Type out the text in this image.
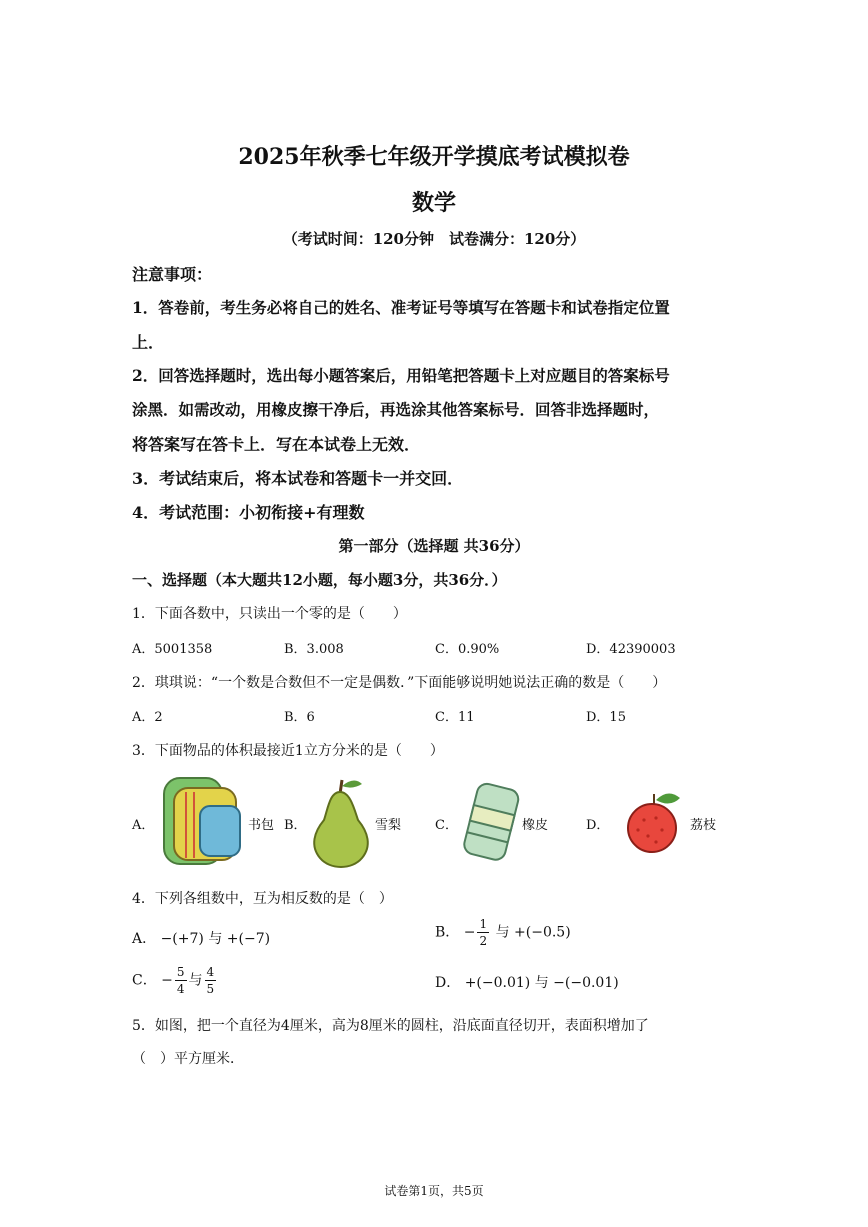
2025年秋季七年级开学摸底考试模拟卷
数学
（考试时间：120分钟　试卷满分：120分）
注意事项：
1．答卷前，考生务必将自己的姓名、准考证号等填写在答题卡和试卷指定位置
上．
2．回答选择题时，选出每小题答案后，用铅笔把答题卡上对应题目的答案标号
涂黑．如需改动，用橡皮擦干净后，再选涂其他答案标号．回答非选择题时，
将答案写在答卡上．写在本试卷上无效．
3．考试结束后，将本试卷和答题卡一并交回．
4．考试范围：小初衔接+有理数
第一部分（选择题 共36分）
一、选择题（本大题共12小题，每小题3分，共36分．）
1．下面各数中，只读出一个零的是（　　）
A．5001358	B．3.008	C．0.90%	D．42390003
2．琪琪说：“一个数是合数但不一定是偶数．”下面能够说明她说法正确的数是（　　）
A．2	B．6	C．11	D．15
3．下面物品的体积最接近1立方分米的是（　　）
A．	书包 B．	雪梨	C．	橡皮	D．	荔枝
4．下列各组数中，互为相反数的是（　）
A． −(+7) 与 +(−7)	B． − $\frac{1}{2}$ 与 +(−0.5)
C． − $\frac{5}{4}$ 与 $\frac{4}{5}$	D． +(−0.01) 与 −(−0.01)
5．如图，把一个直径为4厘米，高为8厘米的圆柱，沿底面直径切开，表面积增加了
（　）平方厘米．
试卷第1页，共5页
